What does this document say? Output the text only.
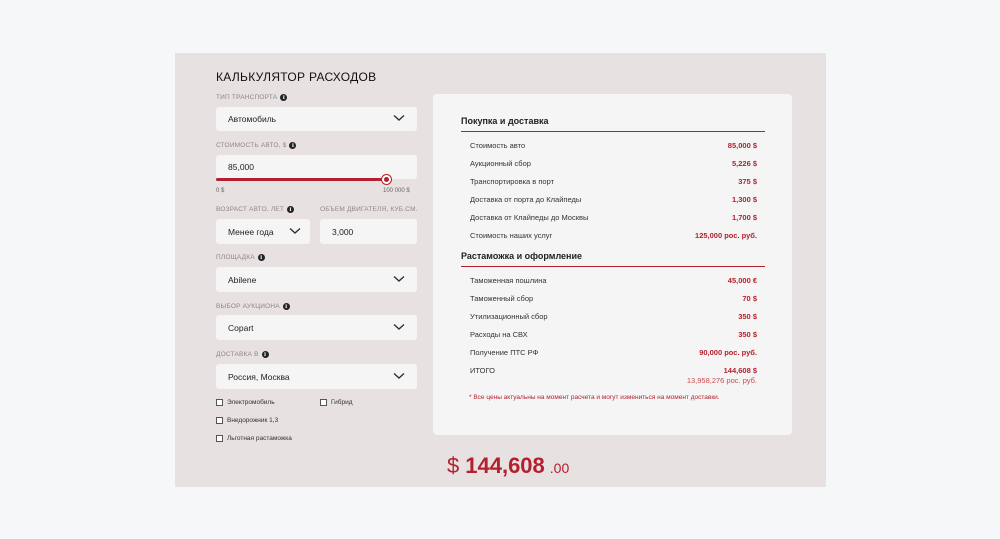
КАЛЬКУЛЯТОР РАСХОДОВ
ТИП ТРАНСПОРТА	I
Автомобиль
СТОИМОСТЬ АВТО, $	I
85,000
0 $	100 000 $
ВОЗРАСТ АВТО, ЛЕТ	I
Менее года
ОБЪЕМ ДВИГАТЕЛЯ, КУБ.СМ.
3,000
ПЛОЩАДКА	I
Abilene
ВЫБОР АУКЦИОНА	I
Copart
ДОСТАВКА В	I
Россия, Москва
Электромобиль	Гибрид
Внедорожник 1,3
Льготная растаможка
Покупка и доставка
Стоимость авто	85,000 $
Аукционный сбор	5,226 $
Транспортировка в порт	375 $
Доставка от порта до Клайпеды	1,300 $
Доставка от Клайпеды до Москвы	1,700 $
Стоимость наших услуг	125,000 рос. руб.
Растаможка и оформление
Таможенная пошлина	45,000 €
Таможенный сбор	70 $
Утилизационный сбор	350 $
Расходы на СВХ	350 $
Получение ПТС РФ	90,000 рос. руб.
ИТОГО	144,608 $
13,958,276 рос. руб.
* Все цены актуальны на момент расчета и могут измениться на момент доставки.
$ 144,608 .00
